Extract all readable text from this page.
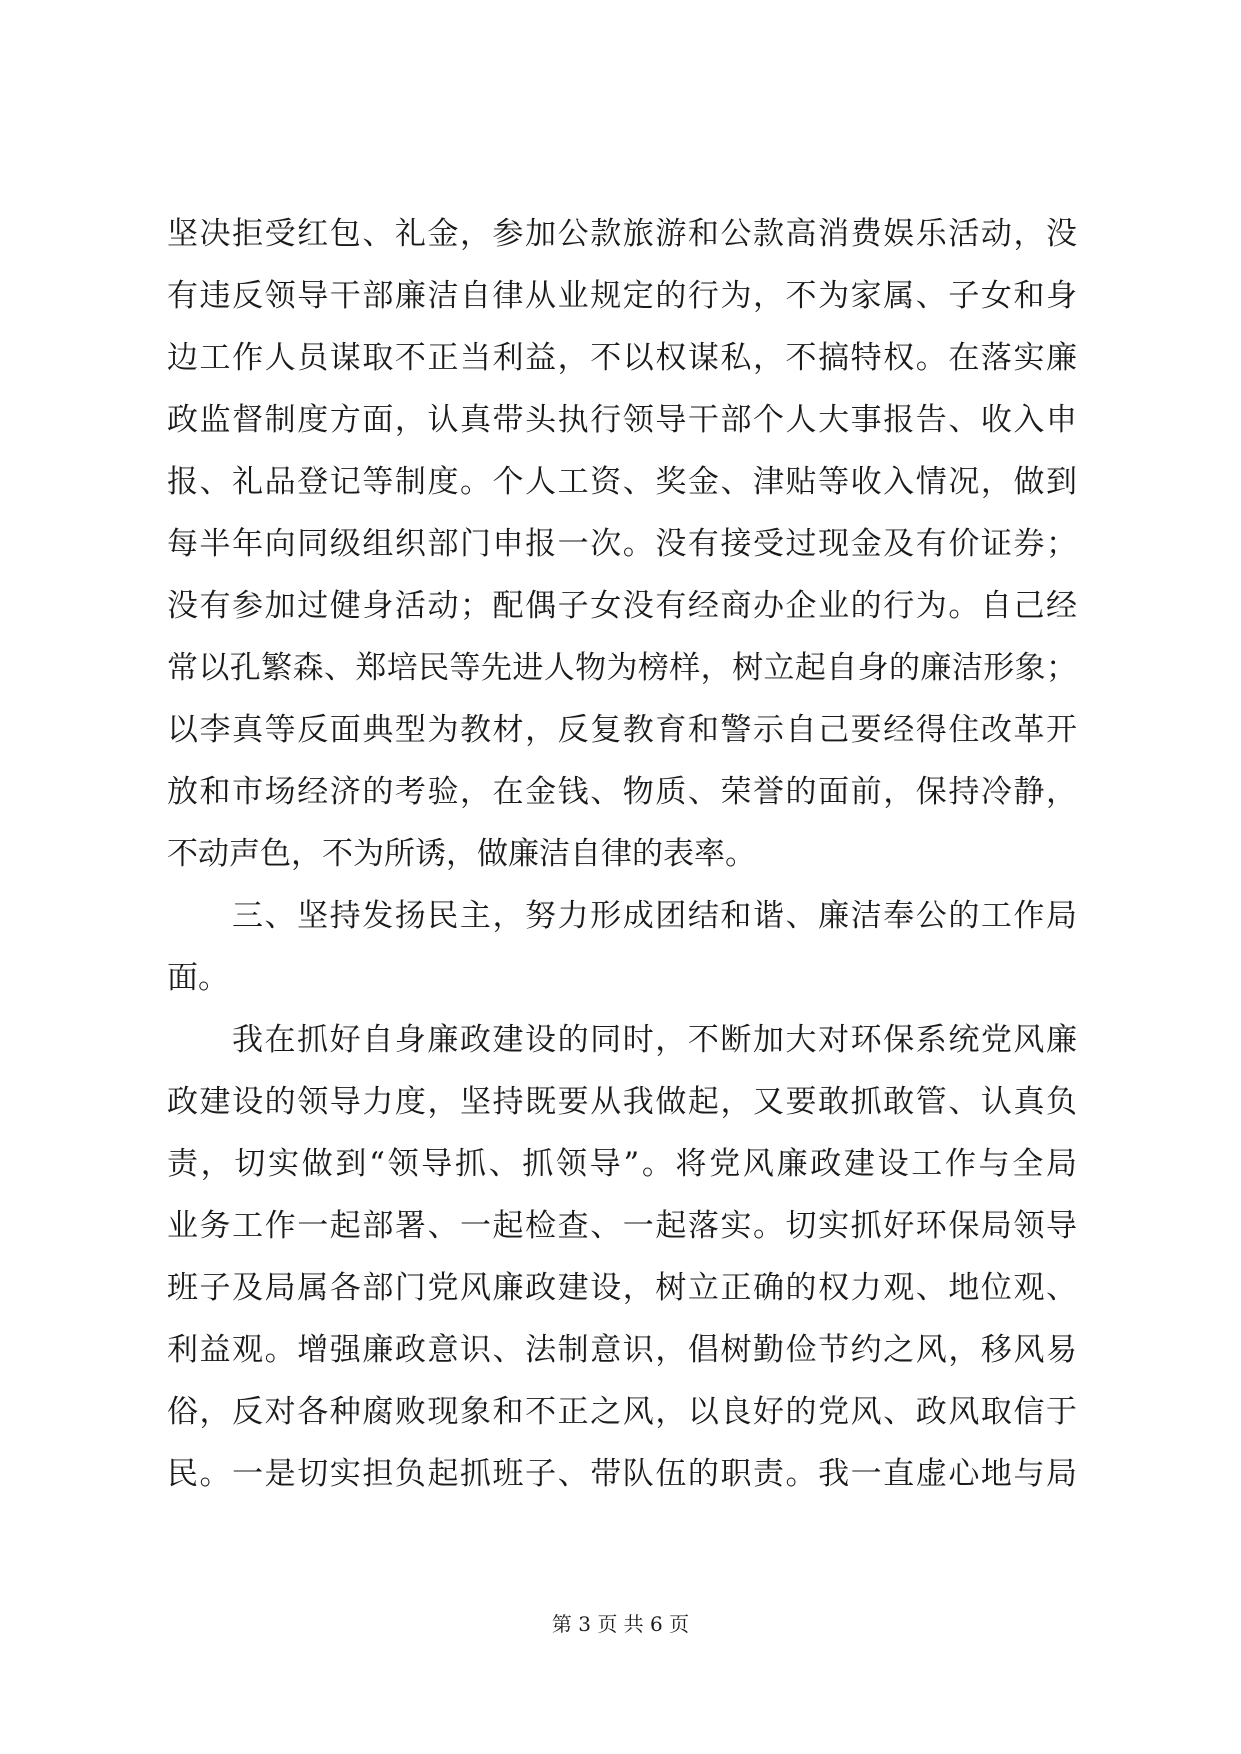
坚决拒受红包、礼金，参加公款旅游和公款高消费娱乐活动，没
有违反领导干部廉洁自律从业规定的行为，不为家属、子女和身
边工作人员谋取不正当利益，不以权谋私，不搞特权。在落实廉
政监督制度方面，认真带头执行领导干部个人大事报告、收入申
报、礼品登记等制度。个人工资、奖金、津贴等收入情况，做到
每半年向同级组织部门申报一次。没有接受过现金及有价证券；
没有参加过健身活动；配偶子女没有经商办企业的行为。自己经
常以孔繁森、郑培民等先进人物为榜样，树立起自身的廉洁形象；
以李真等反面典型为教材，反复教育和警示自己要经得住改革开
放和市场经济的考验，在金钱、物质、荣誉的面前，保持冷静，
不动声色，不为所诱，做廉洁自律的表率。
三、坚持发扬民主，努力形成团结和谐、廉洁奉公的工作局
面。
我在抓好自身廉政建设的同时，不断加大对环保系统党风廉
政建设的领导力度，坚持既要从我做起，又要敢抓敢管、认真负
责，切实做到“领导抓、抓领导”。将党风廉政建设工作与全局
业务工作一起部署、一起检查、一起落实。切实抓好环保局领导
班子及局属各部门党风廉政建设，树立正确的权力观、地位观、
利益观。增强廉政意识、法制意识，倡树勤俭节约之风，移风易
俗，反对各种腐败现象和不正之风，以良好的党风、政风取信于
民。一是切实担负起抓班子、带队伍的职责。我一直虚心地与局
第 3 页 共 6 页
